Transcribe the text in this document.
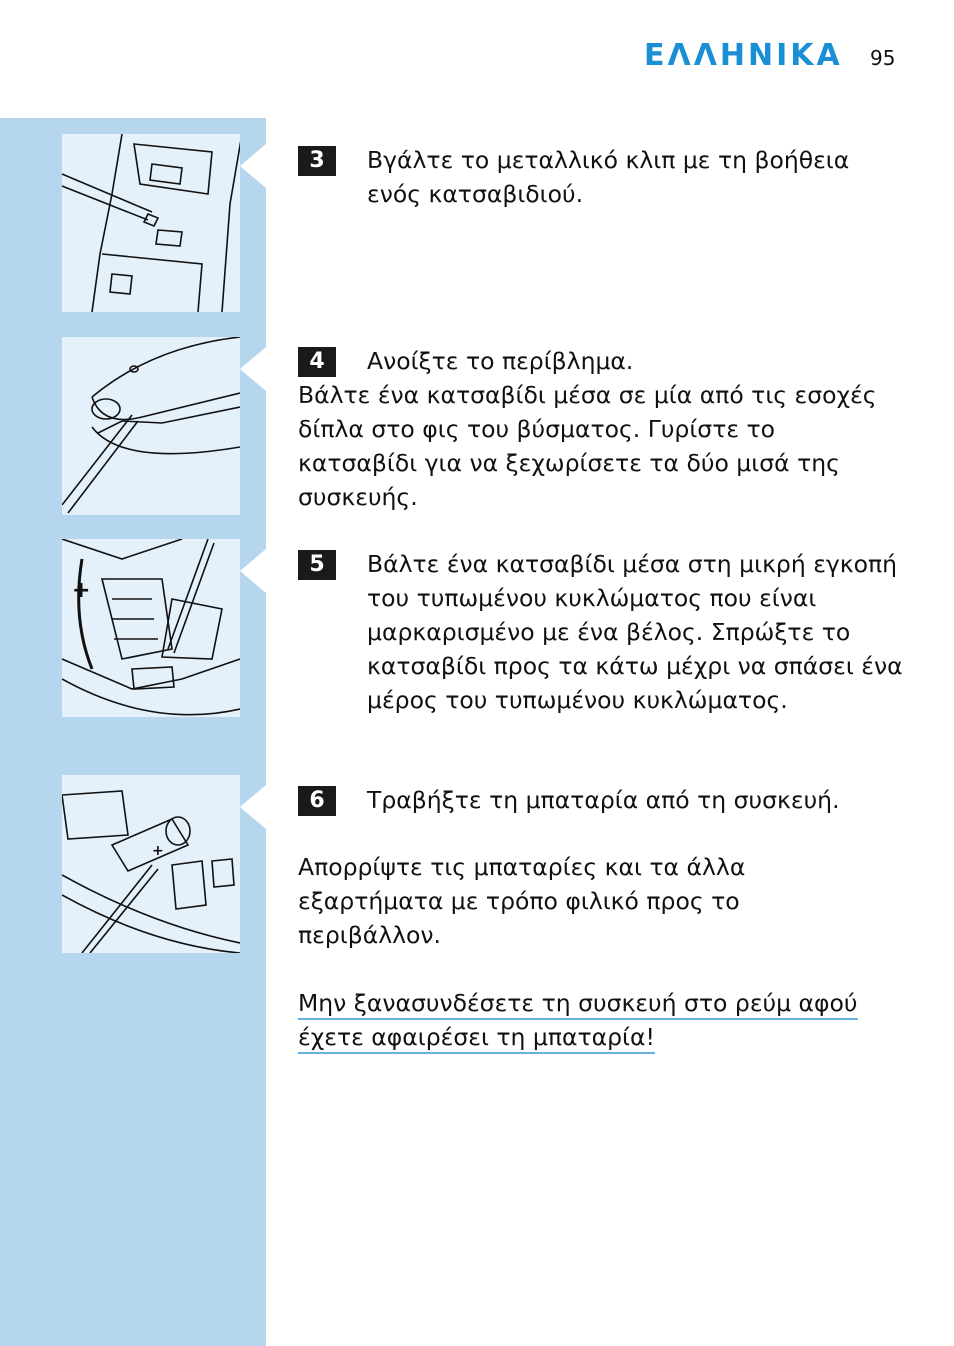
ΕΛΛΗΝΙΚΑ 95
+
+
3	Βγάλτε το μεταλλικό κλιπ με τη βοήθεια ενός κατσαβιδιού.
4	Ανοίξτε το περίβλημα.
Βάλτε ένα κατσαβίδι μέσα σε μία από τις εσοχές δίπλα στο φις του βύσματος. Γυρίστε το κατσαβίδι για να ξεχωρίσετε τα δύο μισά της συσκευής.
5	Βάλτε ένα κατσαβίδι μέσα στη μικρή εγκοπή του τυπωμένου κυκλώματος που είναι μαρκαρισμένο με ένα βέλος. Σπρώξτε το κατσαβίδι προς τα κάτω μέχρι να σπάσει ένα μέρος του τυπωμένου κυκλώματος.
6	Τραβήξτε τη μπαταρία από τη συσκευή.
Απορρίψτε τις μπαταρίες και τα άλλα εξαρτήματα με τρόπο φιλικό προς το περιβάλλον.
Μην ξανασυνδέσετε τη συσκευή στο ρεύμ αφού έχετε αφαιρέσει τη μπαταρία!
